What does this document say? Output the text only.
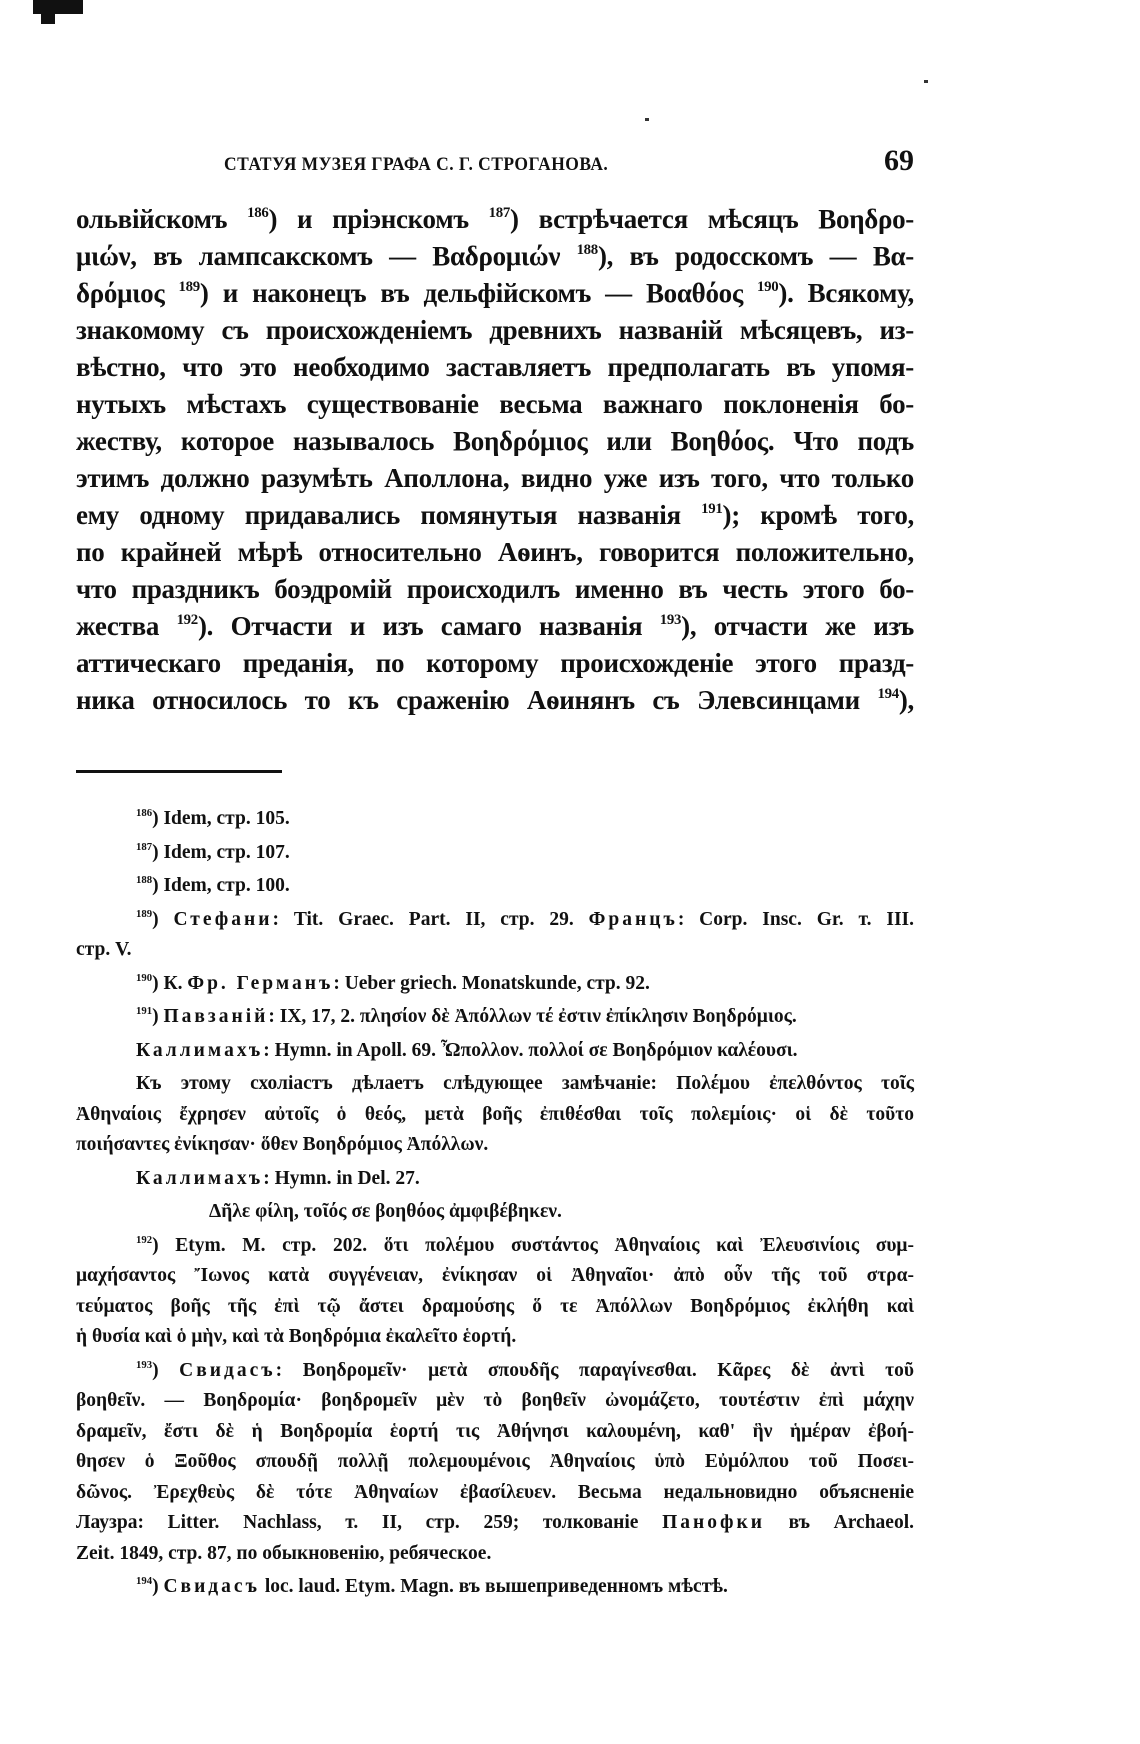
СТАТУЯ МУЗЕЯ ГРАФА С. Г. СТРОГАНОВА.	69
ольвійскомъ $^{186}$) и пріэнскомъ $^{187}$) встрѣчается мѣсяцъ Βοηδρο-
μιών, въ лампсакскомъ — Βαδρομιών $^{188}$), въ родосскомъ — Βα-
δρόμιος $^{189}$) и наконецъ въ дельфійскомъ — Βοαθόος $^{190}$). Всякому,
знакомому съ происхожденіемъ древнихъ названій мѣсяцевъ, из-
вѣстно, что это необходимо заставляетъ предполагать въ упомя-
нутыхъ мѣстахъ существованіе весьма важнаго поклоненія бо-
жеству, которое называлось Βοηδρόμιος или Βοηθόος. Что подъ
этимъ должно разумѣть Аполлона, видно уже изъ того, что только
ему одному придавались помянутыя названія $^{191}$); кромѣ того,
по крайней мѣрѣ относительно Аѳинъ, говорится положительно,
что праздникъ боэдромій происходилъ именно въ честь этого бо-
жества $^{192}$). Отчасти и изъ самаго названія $^{193}$), отчасти же изъ
аттическаго преданія, по которому происхожденіе этого празд-
ника относилось то къ сраженію Аѳинянъ съ Элевсинцами $^{194}$),
$^{186}$) Idem, стр. 105.
$^{187}$) Idem, стр. 107.
$^{188}$) Idem, стр. 100.
$^{189}$) Стефани: Tit. Graec. Part. II, стр. 29. Францъ: Corp. Insc. Gr. т. III.
стр. V.
$^{190}$) К. Фр. Германъ: Ueber griech. Monatskunde, стр. 92.
$^{191}$) Павзаній: IX, 17, 2. πλησίον δὲ Ἀπόλλων τέ ἐστιν ἐπίκλησιν Βοηδρόμιος.
Каллимахъ: Hymn. in Apoll. 69. Ὦπολλον. πολλοί σε Βοηδρόμιον καλέουσι.
Къ этому схоліастъ дѣлаетъ слѣдующее замѣчаніе: Πολέμου ἐπελθόντος τοῖς
Ἀθηναίοις ἔχρησεν αὐτοῖς ὁ θεός, μετὰ βοῆς ἐπιθέσθαι τοῖς πολεμίοις· οἱ δὲ τοῦτο
ποιήσαντες ἐνίκησαν· ὅθεν Βοηδρόμιος Ἀπόλλων.
Каллимахъ: Hymn. in Del. 27.
Δῆλε φίλη, τοῖός σε βοηθόος ἀμφιβέβηκεν.
$^{192}$) Etym. M. стр. 202. ὅτι πολέμου συστάντος Ἀθηναίοις καὶ Ἐλευσινίοις συμ-
μαχήσαντος Ἴωνος κατὰ συγγένειαν, ἐνίκησαν οἱ Ἀθηναῖοι· ἀπὸ οὖν τῆς τοῦ στρα-
τεύματος βοῆς τῆς ἐπὶ τῷ ἄστει δραμούσης ὅ τε Ἀπόλλων Βοηδρόμιος ἐκλήθη καὶ
ἡ θυσία καὶ ὁ μὴν, καὶ τὰ Βοηδρόμια ἐκαλεῖτο ἑορτή.
$^{193}$) Свидасъ: Βοηδρομεῖν· μετὰ σπουδῆς παραγίνεσθαι. Κᾶρες δὲ ἀντὶ τοῦ
βοηθεῖν. — Βοηδρομία· βοηδρομεῖν μὲν τὸ βοηθεῖν ὠνομάζετο, τουτέστιν ἐπὶ μάχην
δραμεῖν, ἔστι δὲ ἡ Βοηδρομία ἑορτή τις Ἀθήνησι καλουμένη, καθ' ἣν ἡμέραν ἐβοή-
θησεν ὁ Ξοῦθος σπουδῇ πολλῇ πολεμουμένοις Ἀθηναίοις ὑπὸ Εὐμόλπου τοῦ Ποσει-
δῶνος. Ἐρεχθεὺς δὲ τότε Ἀθηναίων ἐβασίλευεν. Весьма недальновидно объясненіе
Лаузра: Litter. Nachlass, т. II, стр. 259; толкованіе Панофки въ Archaeol.
Zeit. 1849, стр. 87, по обыкновенію, ребяческое.
$^{194}$) Свидасъ loc. laud. Etym. Magn. въ вышеприведенномъ мѣстѣ.
